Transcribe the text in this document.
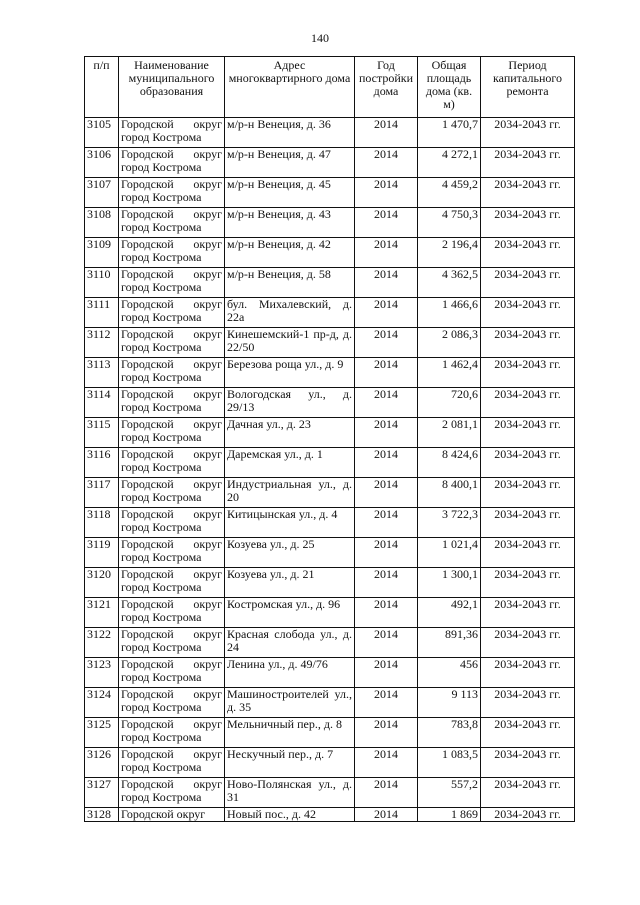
140
п/п	Наименование муниципального образования	Адрес многоквартирного дома	Год постройки дома	Общая площадь дома (кв. м)	Период капитального ремонта
3105	Городской округ город Кострома	м/р-н Венеция, д. 36	2014	1 470,7	2034-2043 гг.
3106	Городской округ город Кострома	м/р-н Венеция, д. 47	2014	4 272,1	2034-2043 гг.
3107	Городской округ город Кострома	м/р-н Венеция, д. 45	2014	4 459,2	2034-2043 гг.
3108	Городской округ город Кострома	м/р-н Венеция, д. 43	2014	4 750,3	2034-2043 гг.
3109	Городской округ город Кострома	м/р-н Венеция, д. 42	2014	2 196,4	2034-2043 гг.
3110	Городской округ город Кострома	м/р-н Венеция, д. 58	2014	4 362,5	2034-2043 гг.
3111	Городской округ город Кострома	бул. Михалевский, д. 22а	2014	1 466,6	2034-2043 гг.
3112	Городской округ город Кострома	Кинешемский-1 пр-д, д. 22/50	2014	2 086,3	2034-2043 гг.
3113	Городской округ город Кострома	Березова роща ул., д. 9	2014	1 462,4	2034-2043 гг.
3114	Городской округ город Кострома	Вологодская ул., д. 29/13	2014	720,6	2034-2043 гг.
3115	Городской округ город Кострома	Дачная ул., д. 23	2014	2 081,1	2034-2043 гг.
3116	Городской округ город Кострома	Даремская ул., д. 1	2014	8 424,6	2034-2043 гг.
3117	Городской округ город Кострома	Индустриальная ул., д. 20	2014	8 400,1	2034-2043 гг.
3118	Городской округ город Кострома	Китицынская ул., д. 4	2014	3 722,3	2034-2043 гг.
3119	Городской округ город Кострома	Козуева ул., д. 25	2014	1 021,4	2034-2043 гг.
3120	Городской округ город Кострома	Козуева ул., д. 21	2014	1 300,1	2034-2043 гг.
3121	Городской округ город Кострома	Костромская ул., д. 96	2014	492,1	2034-2043 гг.
3122	Городской округ город Кострома	Красная слобода ул., д. 24	2014	891,36	2034-2043 гг.
3123	Городской округ город Кострома	Ленина ул., д. 49/76	2014	456	2034-2043 гг.
3124	Городской округ город Кострома	Машиностроителей ул., д. 35	2014	9 113	2034-2043 гг.
3125	Городской округ город Кострома	Мельничный пер., д. 8	2014	783,8	2034-2043 гг.
3126	Городской округ город Кострома	Нескучный пер., д. 7	2014	1 083,5	2034-2043 гг.
3127	Городской округ город Кострома	Ново-Полянская ул., д. 31	2014	557,2	2034-2043 гг.
3128	Городской округ	Новый пос., д. 42	2014	1 869	2034-2043 гг.
